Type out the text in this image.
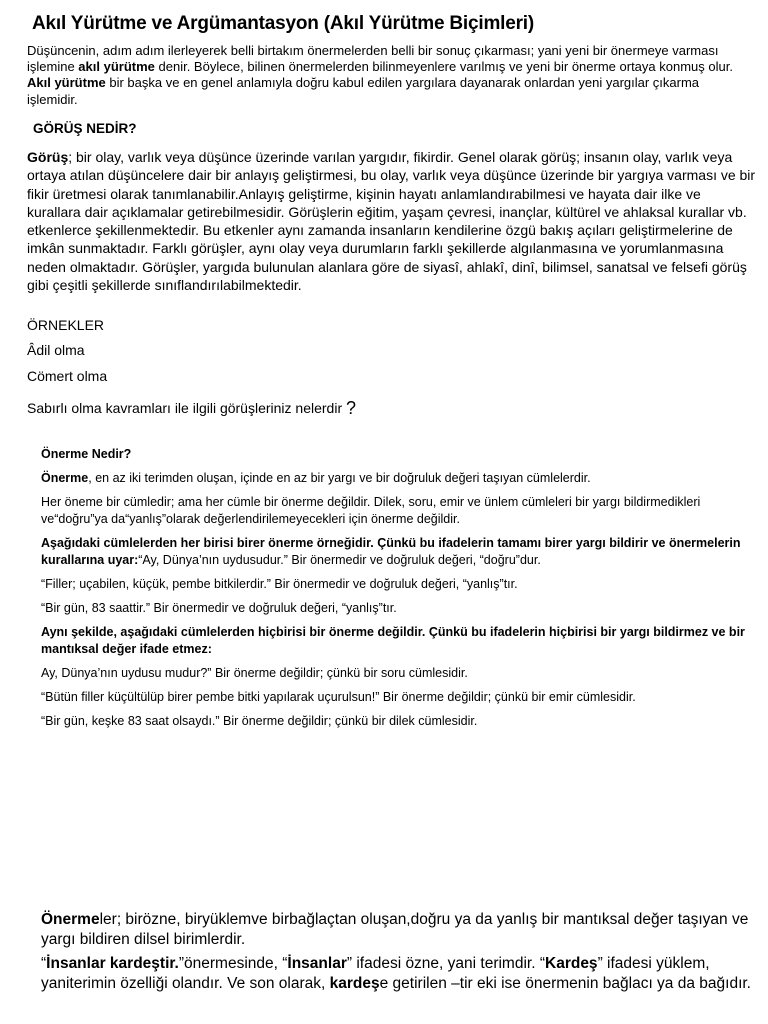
Akıl Yürütme ve Argümantasyon (Akıl Yürütme Biçimleri)
Düşüncenin, adım adım ilerleyerek belli birtakım önermelerden belli bir sonuç çıkarması; yani yeni bir önermeye varması işlemine akıl yürütme denir. Böylece, bilinen önermelerden bilinmeyenlere varılmış ve yeni bir önerme ortaya konmuş olur. Akıl yürütme bir başka ve en genel anlamıyla doğru kabul edilen yargılara dayanarak onlardan yeni yargılar çıkarma işlemidir.
GÖRÜŞ NEDİR?
Görüş; bir olay, varlık veya düşünce üzerinde varılan yargıdır, fikirdir. Genel olarak görüş; insanın olay, varlık veya ortaya atılan düşüncelere dair bir anlayış geliştirmesi, bu olay, varlık veya düşünce üzerinde bir yargıya varması ve bir fikir üretmesi olarak tanımlanabilir.Anlayış geliştirme, kişinin hayatı anlamlandırabilmesi ve hayata dair ilke ve kurallara dair açıklamalar getirebilmesidir. Görüşlerin eğitim, yaşam çevresi, inançlar, kültürel ve ahlaksal kurallar vb. etkenlerce şekillenmektedir. Bu etkenler aynı zamanda insanların kendilerine özgü bakış açıları geliştirmelerine de imkân sunmaktadır. Farklı görüşler, aynı olay veya durumların farklı şekillerde algılanmasına ve yorumlanmasına neden olmaktadır. Görüşler, yargıda bulunulan alanlara göre de siyasî, ahlakî, dinî, bilimsel, sanatsal ve felsefi görüş gibi çeşitli şekillerde sınıflandırılabilmektedir.
ÖRNEKLER
Âdil olma
Cömert olma
Sabırlı olma kavramları ile ilgili görüşleriniz nelerdir ?
Önerme Nedir?

Önerme, en az iki terimden oluşan, içinde en az bir yargı ve bir doğruluk değeri taşıyan cümlelerdir.

Her öneme bir cümledir; ama her cümle bir önerme değildir. Dilek, soru, emir ve ünlem cümleleri bir yargı bildirmedikleri ve“doğru”ya da“yanlış”olarak değerlendirilemeyecekleri için önerme değildir.

Aşağıdaki cümlelerden her birisi birer önerme örneğidir. Çünkü bu ifadelerin tamamı birer yargı bildirir ve önermelerin kurallarına uyar:“Ay, Dünya’nın uydusudur.” Bir önermedir ve doğruluk değeri, “doğru”dur.

“Filler; uçabilen, küçük, pembe bitkilerdir.” Bir önermedir ve doğruluk değeri, “yanlış”tır.

“Bir gün, 83 saattir.” Bir önermedir ve doğruluk değeri, “yanlış”tır.

Aynı şekilde, aşağıdaki cümlelerden hiçbirisi bir önerme değildir. Çünkü bu ifadelerin hiçbirisi bir yargı bildirmez ve bir mantıksal değer ifade etmez:

Ay, Dünya’nın uydusu mudur?” Bir önerme değildir; çünkü bir soru cümlesidir.

“Bütün filler küçültülüp birer pembe bitki yapılarak uçurulsun!” Bir önerme değildir; çünkü bir emir cümlesidir.

“Bir gün, keşke 83 saat olsaydı.” Bir önerme değildir; çünkü bir dilek cümlesidir.

Önermeler; birözne, biryüklemve birbağlaçtan oluşan,doğru ya da yanlış bir mantıksal değer taşıyan ve yargı bildiren dilsel birimlerdir.

“İnsanlar kardeştir.”önermesinde, “İnsanlar” ifadesi özne, yani terimdir. “Kardeş” ifadesi yüklem, yaniterimin özelliği olandır. Ve son olarak, kardeşe getirilen –tir eki ise önermenin bağlacı ya da bağıdır.
